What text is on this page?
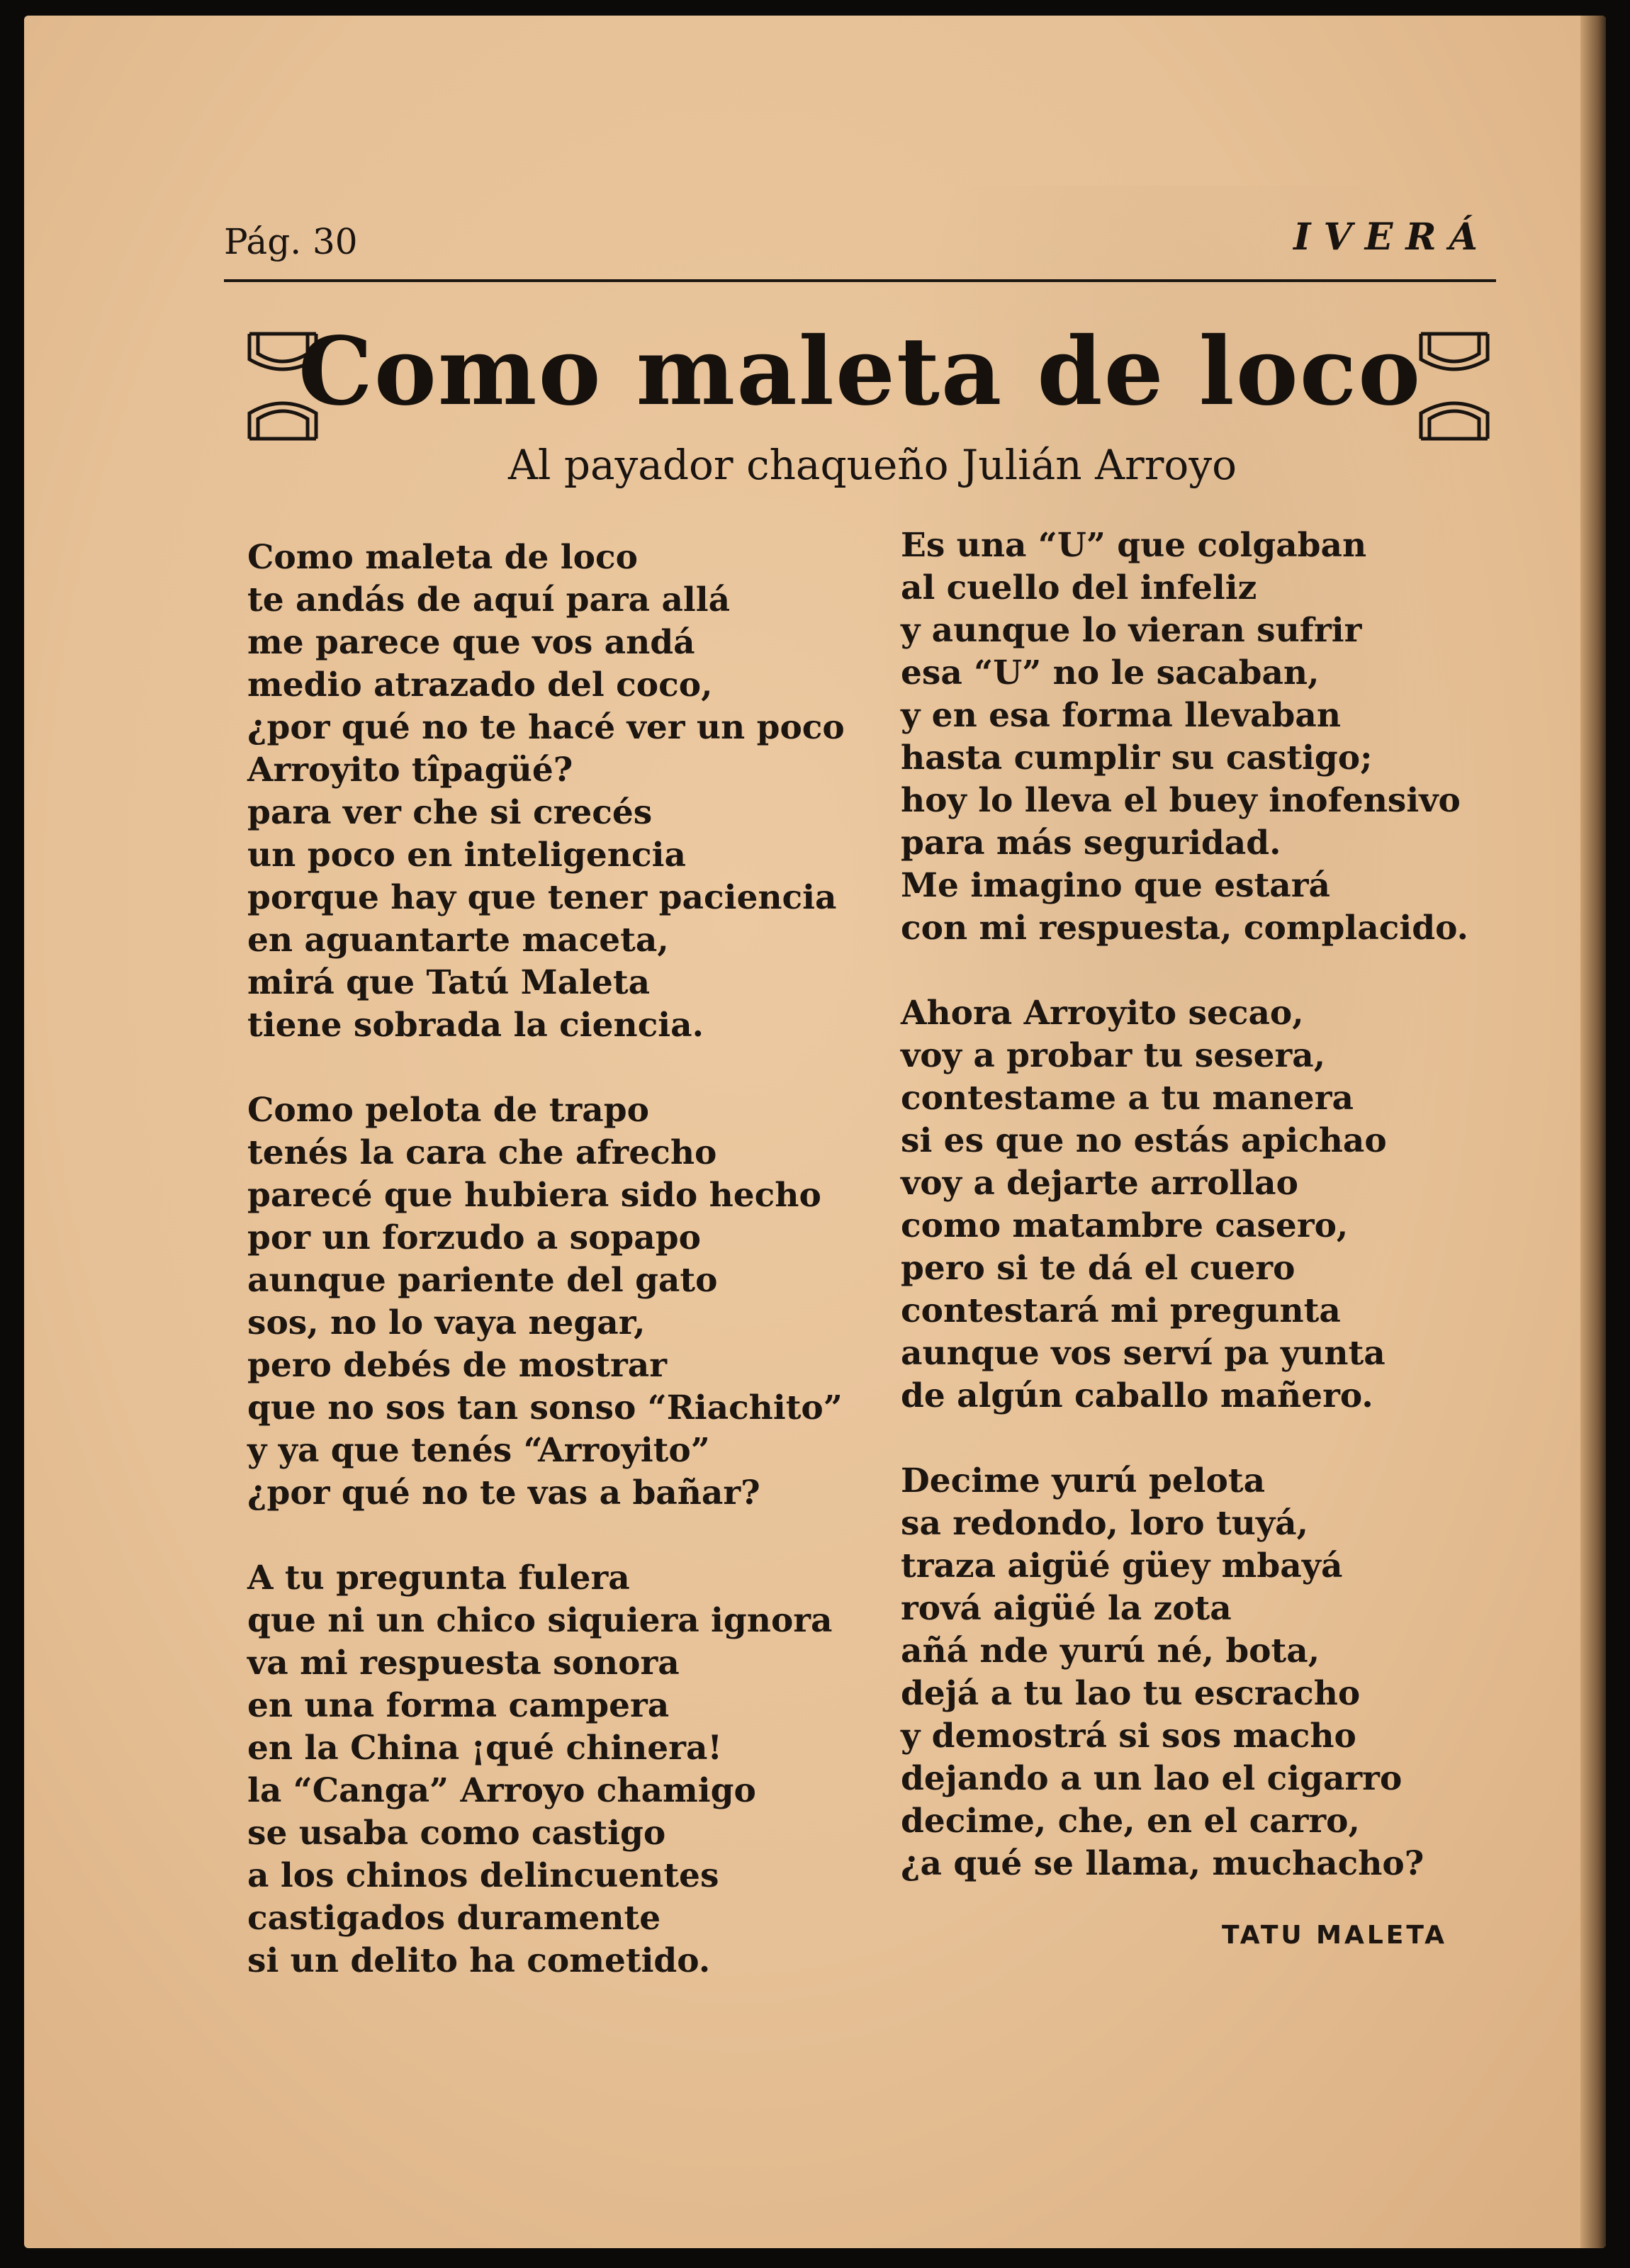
Pág. 30	IVERÁ
Como maleta de loco
Al payador chaqueño Julián Arroyo
Como maleta de loco
te andás de aquí para allá
me parece que vos andá
medio atrazado del coco,
¿por qué no te hacé ver un poco
Arroyito tîpagüé?
para ver che si crecés
un poco en inteligencia
porque hay que tener paciencia
en aguantarte maceta,
mirá que Tatú Maleta
tiene sobrada la ciencia.
Como pelota de trapo
tenés la cara che afrecho
parecé que hubiera sido hecho
por un forzudo a sopapo
aunque pariente del gato
sos, no lo vaya negar,
pero debés de mostrar
que no sos tan sonso “Riachito”
y ya que tenés “Arroyito”
¿por qué no te vas a bañar?
A tu pregunta fulera
que ni un chico siquiera ignora
va mi respuesta sonora
en una forma campera
en la China ¡qué chinera!
la “Canga” Arroyo chamigo
se usaba como castigo
a los chinos delincuentes
castigados duramente
si un delito ha cometido.
Es una “U” que colgaban
al cuello del infeliz
y aunque lo vieran sufrir
esa “U” no le sacaban,
y en esa forma llevaban
hasta cumplir su castigo;
hoy lo lleva el buey inofensivo
para más seguridad.
Me imagino que estará
con mi respuesta, complacido.
Ahora Arroyito secao,
voy a probar tu sesera,
contestame a tu manera
si es que no estás apichao
voy a dejarte arrollao
como matambre casero,
pero si te dá el cuero
contestará mi pregunta
aunque vos serví pa yunta
de algún caballo mañero.
Decime yurú pelota
sa redondo, loro tuyá,
traza aigüé güey mbayá
rová aigüé la zota
añá nde yurú né, bota,
dejá a tu lao tu escracho
y demostrá si sos macho
dejando a un lao el cigarro
decime, che, en el carro,
¿a qué se llama, muchacho?
TATU MALETA
